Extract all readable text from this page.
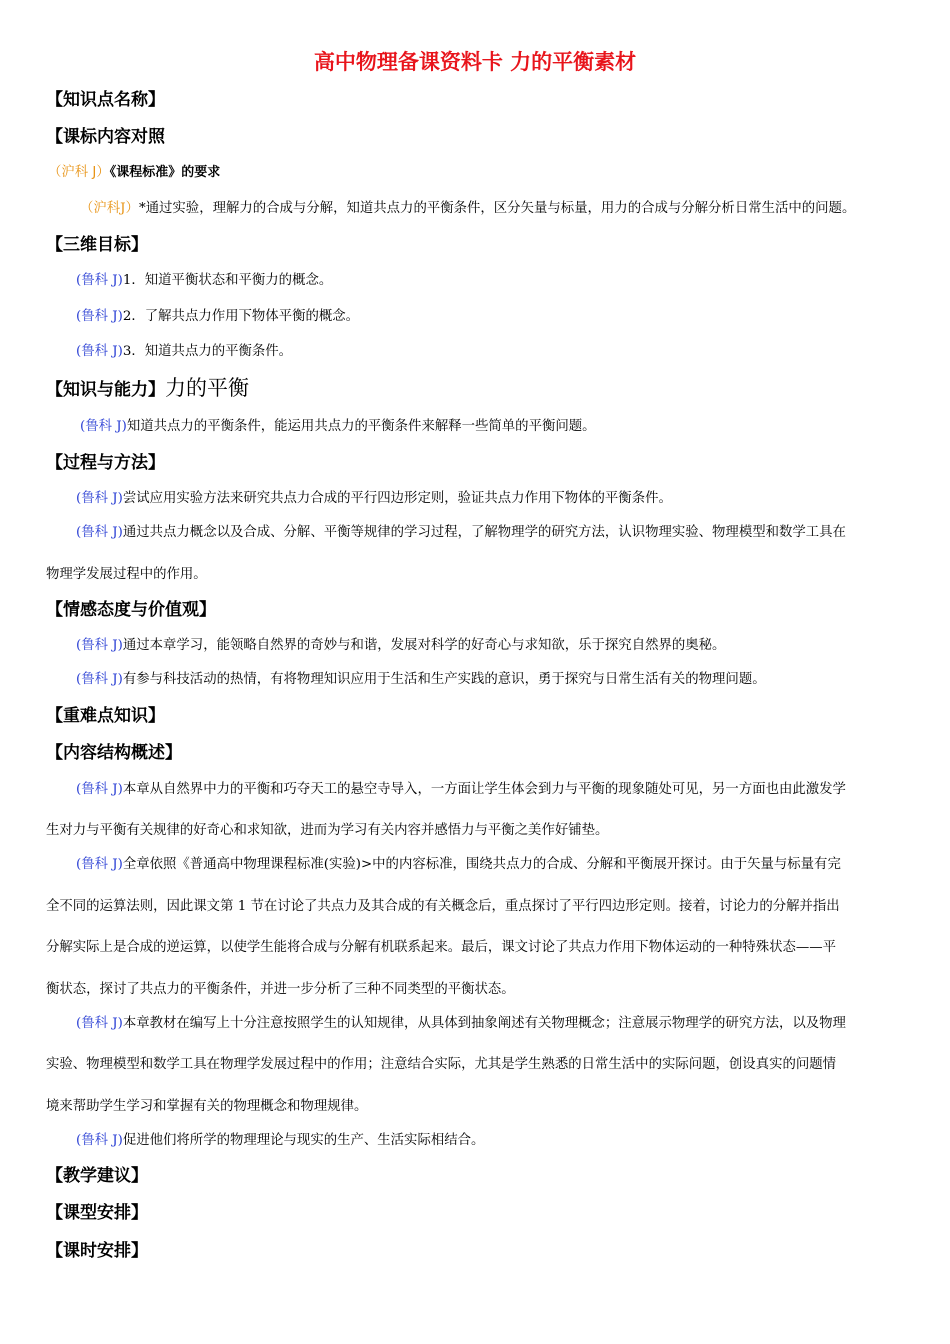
高中物理备课资料卡 力的平衡素材
【知识点名称】
【课标内容对照
（沪科 J）《课程标准》的要求
（沪科J）*通过实验，理解力的合成与分解，知道共点力的平衡条件，区分矢量与标量，用力的合成与分解分析日常生活中的问题。
【三维目标】
(鲁科 J)1．知道平衡状态和平衡力的概念。
(鲁科 J)2．了解共点力作用下物体平衡的概念。
(鲁科 J)3．知道共点力的平衡条件。
【知识与能力】力的平衡
(鲁科 J)知道共点力的平衡条件，能运用共点力的平衡条件来解释一些简单的平衡问题。
【过程与方法】
(鲁科 J)尝试应用实验方法来研究共点力合成的平行四边形定则，验证共点力作用下物体的平衡条件。
(鲁科 J)通过共点力概念以及合成、分解、平衡等规律的学习过程，了解物理学的研究方法，认识物理实验、物理模型和数学工具在
物理学发展过程中的作用。
【情感态度与价值观】
(鲁科 J)通过本章学习，能领略自然界的奇妙与和谐，发展对科学的好奇心与求知欲，乐于探究自然界的奥秘。
(鲁科 J)有参与科技活动的热情，有将物理知识应用于生活和生产实践的意识，勇于探究与日常生活有关的物理问题。
【重难点知识】
【内容结构概述】
(鲁科 J)本章从自然界中力的平衡和巧夺天工的悬空寺导入，一方面让学生体会到力与平衡的现象随处可见，另一方面也由此激发学
生对力与平衡有关规律的好奇心和求知欲，进而为学习有关内容并感悟力与平衡之美作好铺垫。
(鲁科 J)全章依照《普通高中物理课程标准(实验)>中的内容标准，围绕共点力的合成、分解和平衡展开探讨。由于矢量与标量有完
全不同的运算法则，因此课文第 1 节在讨论了共点力及其合成的有关概念后，重点探讨了平行四边形定则。接着，讨论力的分解并指出
分解实际上是合成的逆运算，以使学生能将合成与分解有机联系起来。最后，课文讨论了共点力作用下物体运动的一种特殊状态——平
衡状态，探讨了共点力的平衡条件，并进一步分析了三种不同类型的平衡状态。
(鲁科 J)本章教材在编写上十分注意按照学生的认知规律，从具体到抽象阐述有关物理概念；注意展示物理学的研究方法，以及物理
实验、物理模型和数学工具在物理学发展过程中的作用；注意结合实际，尤其是学生熟悉的日常生活中的实际问题，创设真实的问题情
境来帮助学生学习和掌握有关的物理概念和物理规律。
(鲁科 J)促进他们将所学的物理理论与现实的生产、生活实际相结合。
【教学建议】
【课型安排】
【课时安排】
